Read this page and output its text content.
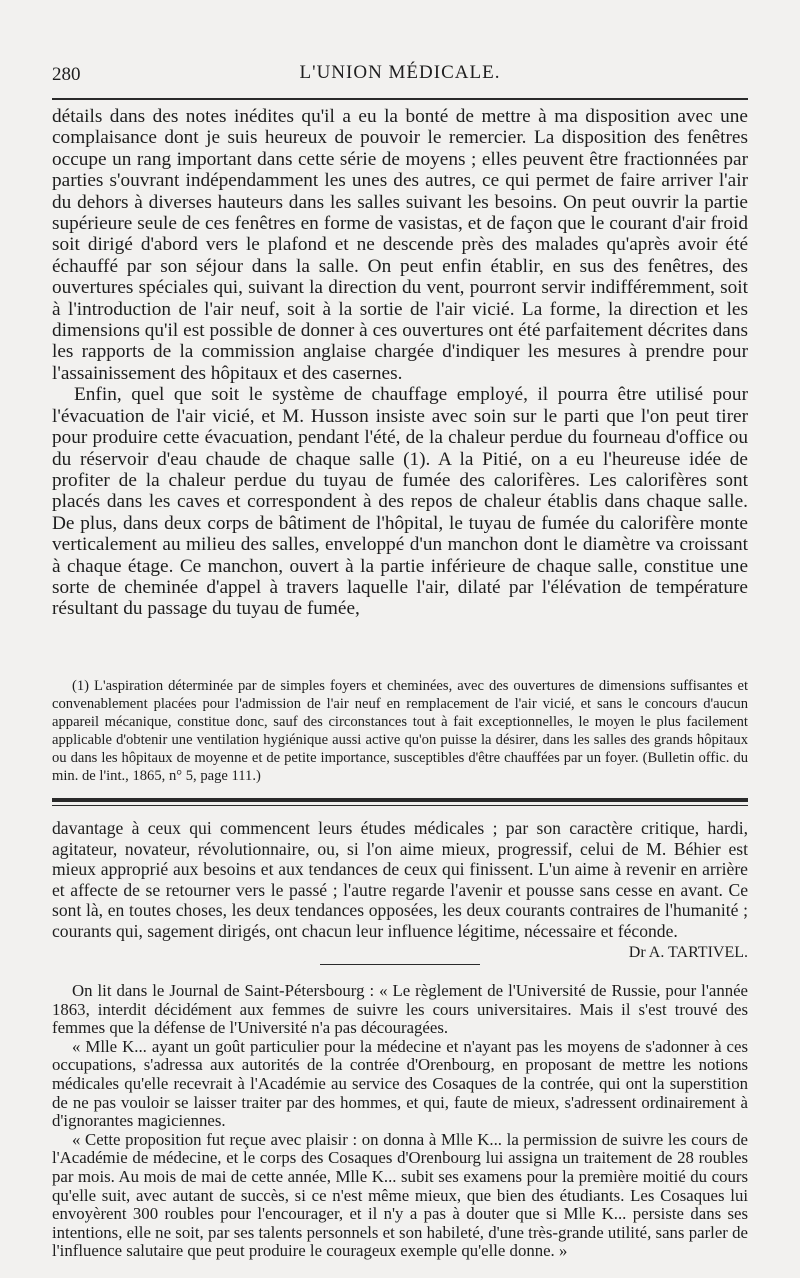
280	L'UNION MÉDICALE.

détails dans des notes inédites qu'il a eu la bonté de mettre à ma disposition avec une complaisance dont je suis heureux de pouvoir le remercier. La disposition des fenêtres occupe un rang important dans cette série de moyens ; elles peuvent être fractionnées par parties s'ouvrant indépendamment les unes des autres, ce qui permet de faire arriver l'air du dehors à diverses hauteurs dans les salles suivant les besoins. On peut ouvrir la partie supérieure seule de ces fenêtres en forme de vasistas, et de façon que le courant d'air froid soit dirigé d'abord vers le plafond et ne descende près des malades qu'après avoir été échauffé par son séjour dans la salle. On peut enfin établir, en sus des fenêtres, des ouvertures spéciales qui, suivant la direction du vent, pourront servir indifféremment, soit à l'introduction de l'air neuf, soit à la sortie de l'air vicié. La forme, la direction et les dimensions qu'il est possible de donner à ces ouvertures ont été parfaitement décrites dans les rapports de la commission anglaise chargée d'indiquer les mesures à prendre pour l'assainissement des hôpitaux et des casernes.

Enfin, quel que soit le système de chauffage employé, il pourra être utilisé pour l'évacuation de l'air vicié, et M. Husson insiste avec soin sur le parti que l'on peut tirer pour produire cette évacuation, pendant l'été, de la chaleur perdue du fourneau d'office ou du réservoir d'eau chaude de chaque salle (1). A la Pitié, on a eu l'heureuse idée de profiter de la chaleur perdue du tuyau de fumée des calorifères. Les calorifères sont placés dans les caves et correspondent à des repos de chaleur établis dans chaque salle. De plus, dans deux corps de bâtiment de l'hôpital, le tuyau de fumée du calorifère monte verticalement au milieu des salles, enveloppé d'un manchon dont le diamètre va croissant à chaque étage. Ce manchon, ouvert à la partie inférieure de chaque salle, constitue une sorte de cheminée d'appel à travers laquelle l'air, dilaté par l'élévation de température résultant du passage du tuyau de fumée,

(1) L'aspiration déterminée par de simples foyers et cheminées, avec des ouvertures de dimensions suffisantes et convenablement placées pour l'admission de l'air neuf en remplacement de l'air vicié, et sans le concours d'aucun appareil mécanique, constitue donc, sauf des circonstances tout à fait exceptionnelles, le moyen le plus facilement applicable d'obtenir une ventilation hygiénique aussi active qu'on puisse la désirer, dans les salles des grands hôpitaux ou dans les hôpitaux de moyenne et de petite importance, susceptibles d'être chauffées par un foyer. (Bulletin offic. du min. de l'int., 1865, n° 5, page 111.)

davantage à ceux qui commencent leurs études médicales ; par son caractère critique, hardi, agitateur, novateur, révolutionnaire, ou, si l'on aime mieux, progressif, celui de M. Béhier est mieux approprié aux besoins et aux tendances de ceux qui finissent. L'un aime à revenir en arrière et affecte de se retourner vers le passé ; l'autre regarde l'avenir et pousse sans cesse en avant. Ce sont là, en toutes choses, les deux tendances opposées, les deux courants contraires de l'humanité ; courants qui, sagement dirigés, ont chacun leur influence légitime, nécessaire et féconde.

Dr A. TARTIVEL.

On lit dans le Journal de Saint-Pétersbourg : « Le règlement de l'Université de Russie, pour l'année 1863, interdit décidément aux femmes de suivre les cours universitaires. Mais il s'est trouvé des femmes que la défense de l'Université n'a pas découragées.

« Mlle K... ayant un goût particulier pour la médecine et n'ayant pas les moyens de s'adonner à ces occupations, s'adressa aux autorités de la contrée d'Orenbourg, en proposant de mettre les notions médicales qu'elle recevrait à l'Académie au service des Cosaques de la contrée, qui ont la superstition de ne pas vouloir se laisser traiter par des hommes, et qui, faute de mieux, s'adressent ordinairement à d'ignorantes magiciennes.

« Cette proposition fut reçue avec plaisir : on donna à Mlle K... la permission de suivre les cours de l'Académie de médecine, et le corps des Cosaques d'Orenbourg lui assigna un traitement de 28 roubles par mois. Au mois de mai de cette année, Mlle K... subit ses examens pour la première moitié du cours qu'elle suit, avec autant de succès, si ce n'est même mieux, que bien des étudiants. Les Cosaques lui envoyèrent 300 roubles pour l'encourager, et il n'y a pas à douter que si Mlle K... persiste dans ses intentions, elle ne soit, par ses talents personnels et son habileté, d'une très-grande utilité, sans parler de l'influence salutaire que peut produire le courageux exemple qu'elle donne. »
